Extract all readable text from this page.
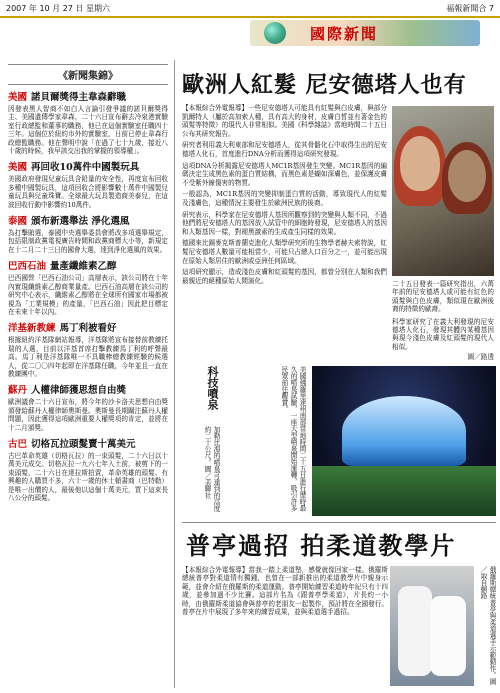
2007 年 10 月 27 日 星期六	福報新聞合 7
國際新聞
《新聞集錦》
美國 諾貝爾獎得主韋森辭職

因發表黑人智商不如白人言論引發爭議的諾貝爾獎得主、美國遺傳學家韋森，二十六日宣布辭去冷泉港實驗室行政總監和董事的職務，他已在這個實驗室任職四十三年。這個位於紐約市外的實驗室，日前已停止韋森行政總監職務。他在聲明中說「在過了七十九歲、接近八十歲的時候，我早該交出我的掌握的領導權」。

美國 再回收10萬件中國製玩具

美國政府發現兒童玩具含鉛量的安全性，再度宣布回收多種中國製玩具，這項回收合將影響數十萬件中國製兒童玩具與兒童珠寶。全球最大玩具製造商美泰兒，在這波回收行動中影響約10萬件。

泰國 頒布新選舉法 淨化選風

為打擊賄選，泰國中央選舉委員會將改多項選舉規定，包括限制政黨電視廣告時間和政黨商標大小等，新規定在十二月二十三日的國會大選，達到淨化選風的效果。

巴西石油 量產纖維素乙醇

巴西國營「巴西石油公司」高層表示，該公司將在十年內實現纖維素乙醇商業量產。巴西石油高層在該公司的研究中心表示，纖維素乙醇將在全球所有國家市場都被視為「工業規模」的產量，「巴西石油」因此把目標定在未來十年以內。

洋基新教練 馬丁利被看好

根據紐約洋基隊網站報導，洋基隊將宣布接替前教練托瑞的人選，目前以洋基首席打擊教練馬丁利的呼聲最高。馬丁利是洋基隊唯一不具職棒總教練經驗的候選人，從二〇〇四年起即在洋基隊任職，今年並且一直在教練團中。

蘇丹 人權律師獲思想自由獎

歐洲議會二十六日宣布，將今年的沙卡洛夫思想自由獎頒發給蘇丹人權律師奧斯曼。奧斯曼長期關注蘇丹人權問題，因此獲得這項歐洲重要人權獎項的肯定，並將在十二月頒獎。

古巴 切格瓦拉頭髮賣十萬美元

古巴革命英雄（切格瓦拉）的一束頭髮，二十六日以十萬美元成交。切格瓦拉一九六七年入土前，被剪下的一束頭髮，二十六日在達拉斯拍賣，革命英雄的頭髮、有興趣的人購買不多，六十一歲的休士頓書商（巴特勒）是唯一出價的人，最後他以這個十萬美元，買下這束長八公分的頭髮。

歐洲人紅髮 尼安德塔人也有

【本報綜合外電報導】一些尼安德塔人可能具有紅髮與白皮膚，與部分凱爾特人（屬於高加索人種，具有高大的身材，皮膚白皙並有著金色的頭髮等特徵）的現代人非常相似。美國《科學雜誌》當地時間二十五日公布其研究報告。

研究者利用義大利東部和尼安德塔人，從其骨骼化石中取得生出的尼安德塔人化石，首度進行DNA分析而獲得這項研究發現。

這項DNA分析揭露尼安德塔人MC1R基因發生突變。MC1R基因的編碼決定生成黑色素的蛋白質結構，而黑色素是蝴如深膚色，並保護皮膚不受紫外線傷害的物質。

一般認為，MC1R基因的突變抑制蛋白質的活動，導致現代人的紅髮及淺膚色，這種情況主要發生於歐洲民族的後裔。

研究表示，科學家在尼安德塔人基因所觀察到的突變與人類不同，不過他們將尼安德塔人的基因放入試管中的細胞時發現，尼安德塔人的基因和人類基因一樣，對褪黑激素的生成產生同樣的效果。

德國來比錫麥克斯普蘭克進化人類學研究所的生物學者赫夫索特說，紅髮尼安德塔人數量可能相當少，可能只占總人口百分之一，並可能出現在原始人類居住的歐洲或亞洲任何區域。

這項研究顯示，造成淺色皮膚和紅頭髮的基因，都曾分別在人類和我們最親近的絕種原始人間演化。	二十五日發表一篇研究指出，六萬年前的尼安德塔人或可能有紅色的頭髮與白色皮膚，類似現在歐洲後裔的特徵的歐裔。
科學家研究了在義大利發現的尼安德塔人化石，發現其體內某種基因與現今淺色皮膚及紅頭髮的現代人相似。
圖／路透
科技噴泉
加勒比海的噴泉可達到的高度約二十公尺。圖／美聯社	美國佛羅里達州南部當地時間二十五日進行歷時最久的噴泉試驗，一座大型噴泉開始運轉，吸引許多民眾前往觀賞。
普亭過招 拍柔道教學片

【本報綜合外電報導】當我一踏上柔道墊，感覺就像回家一樣。俄羅斯總統普亭對柔道情有獨鍾，也曾在一部新推出的柔道教學片中親身示範，並會介紹在俄羅斯的柔道運動。普亭開始練習柔道時年紀只有十四歲，並參加過不少比賽。這部片名為《跟普亭學柔道》，片長約一小時，由俄羅斯柔道協會與普亭的老朋友一起製作，預計將在全國發行。普亭在片中展現了多年來的練習成果，並與柔道選手過招。	俄羅斯總統普亭與柔道選手示範動作。圖／取自網路
